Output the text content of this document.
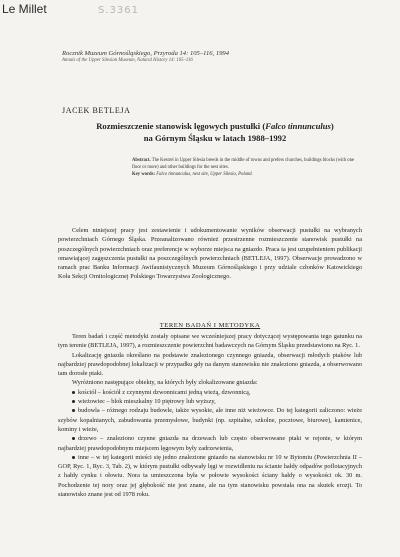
Le Millet	S.3361
Rocznik Muzeum Górnośląskiego, Przyroda 14: 105–116, 1994
Annals of the Upper Silesian Museum, Natural History 14: 105–116
JACEK BETLEJA
Rozmieszczenie stanowisk lęgowych pustułki (Falco tinnunculus)
na Górnym Śląsku w latach 1988–1992
Abstract. The Kestrel in Upper Silesia breeds in the middle of towns and prefers churches, buildings blocks (with one floor or more) and other buildings for the nest sites.
Key words: Falco tinnunculus, nest site, Upper Silesia, Poland.

Celem niniejszej pracy jest zestawienie i udokumentowanie wyników obserwacji pustułki na wybranych powierzchniach Górnego Śląska. Przeanalizowano również przestrzenne rozmieszczenie stanowisk pustułki na poszczególnych powierzchniach oraz preferencje w wyborze miejsca na gniazdo. Praca ta jest uzupełnieniem publikacji omawiającej zagęszczenia pustułki na poszczególnych powierzchniach (BETLEJA, 1997). Obserwacje prowadzono w ramach prac Banku Informacji Awifaunistycznych Muzeum Górnośląskiego i przy udziale członków Katowickiego Koła Sekcji Ornitologicznej Polskiego Towarzystwa Zoologicznego.

TEREN BADAŃ I METODYKA

Teren badań i część metodyki zostały opisane we wcześniejszej pracy dotyczącej występowania tego gatunku na tym terenie (BETLEJA, 1997), a rozmieszczenie powierzchni badawczych na Górnym Śląsku przedstawiono na Ryc. 1.

Lokalizację gniazda określano na podstawie znalezionego czynnego gniazda, obserwacji młodych ptaków lub najbardziej prawdopodobnej lokalizacji w przypadku gdy na danym stanowisku nie znaleziono gniazda, a obserwowano tam dorosłe ptaki.

Wyróżniono następujące obiekty, na których były zlokalizowane gniazda:

kościół – kościół z czynnymi dzwonnicami jedną wieżą, dzwonnicą,

wieżowiec – blok mieszkalny 10 piętrowy lub wyższy,

budowla – różnego rodzaju budowle, także wysokie, ale inne niż wieżowce. Do tej kategorii zaliczono: wieże szybów kopalnianych, zabudowania przemysłowe, budynki (np. szpitalne, szkolne, pocztowe, biurowe), kamienice, kominy i wieże,

drzewo – znaleziono czynne gniazda na drzewach lub często obserwowane ptaki w rejonie, w którym najbardziej prawdopodobnym miejscem lęgowym były zadrzewienia,

inne – w tej kategorii mieści się jedno znalezione gniazdo na stanowisku nr 10 w Bytomiu (Powierzchnia II – GOP, Ryc. 1, Ryc. 3, Tab. 2), w którym pustułki odbywały lęgi w rozwidleniu na ścianie hałdy odpadów poflotacyjnych z hałdy cynku i ołowiu. Nora ta umieszczona była w połowie wysokości ściany hałdy o wysokości ok. 30 m. Pochodzenie tej nory oraz jej głębokość nie jest znane, ale na tym stanowisku powstała ona na skutek erozji. To stanowisko znane jest od 1978 roku.
